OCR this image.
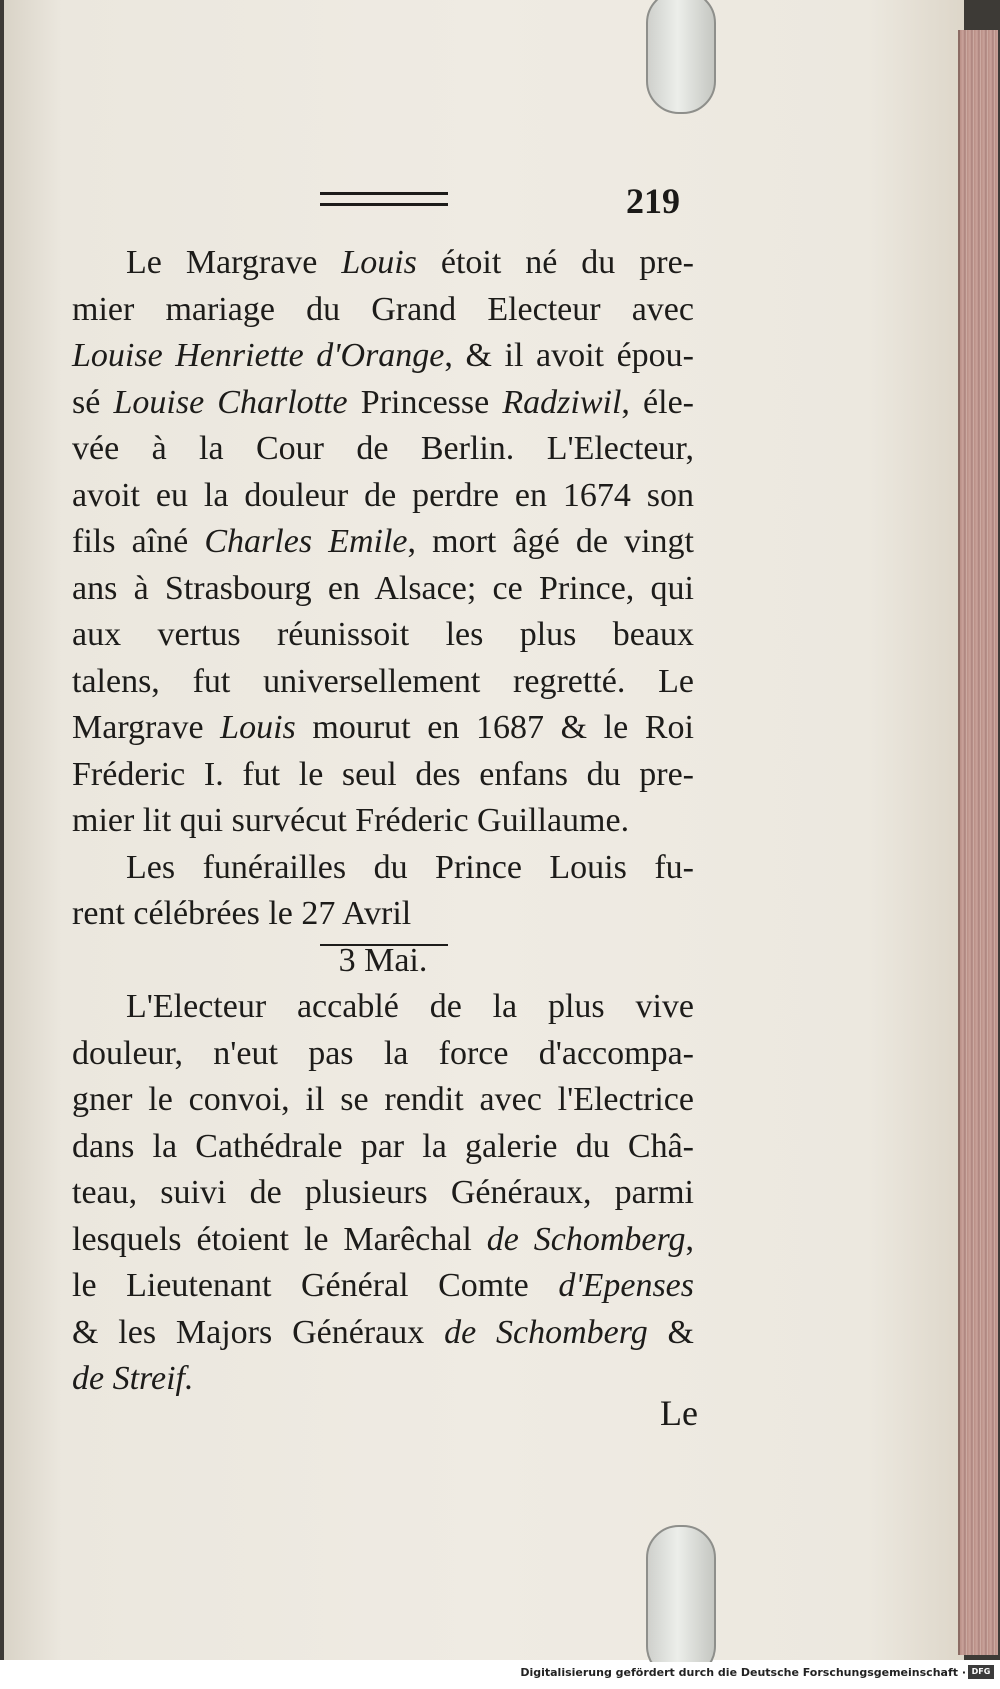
219
Le Margrave Louis étoit né du pre-
mier mariage du Grand Electeur avec
Louise Henriette d'Orange, & il avoit épou-
sé Louise Charlotte Princesse Radziwil, éle-
vée à la Cour de Berlin. L'Electeur,
avoit eu la douleur de perdre en 1674 son
fils aîné Charles Emile, mort âgé de vingt
ans à Strasbourg en Alsace; ce Prince, qui
aux vertus réunissoit les plus beaux
talens, fut universellement regretté. Le
Margrave Louis mourut en 1687 & le Roi
Fréderic I. fut le seul des enfans du pre-
mier lit qui survécut Fréderic Guillaume.
Les funérailles du Prince Louis fu-
rent célébrées le 27 Avril
3 Mai.
L'Electeur accablé de la plus vive
douleur, n'eut pas la force d'accompa-
gner le convoi, il se rendit avec l'Electrice
dans la Cathédrale par la galerie du Châ-
teau, suivi de plusieurs Généraux, parmi
lesquels étoient le Marêchal de Schomberg,
le Lieutenant Général Comte d'Epenses
& les Majors Généraux de Schomberg &
de Streif.
Le
Digitalisierung gefördert durch die Deutsche Forschungsgemeinschaft · DFG
